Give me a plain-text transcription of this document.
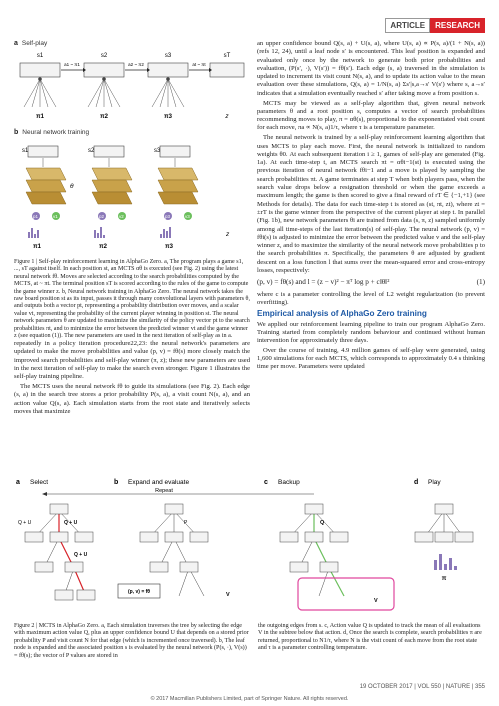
ARTICLE	RESEARCH
a Self-play
s1	s2	s3	sT
a1 ~ π1	a2 ~ π2	at ~ πt
π1	π2	π3	z
b Neural network training
s1	s2	s3
θ
p1	v1	p2	v2	p3	v3
π1	π2	π3
z
Figure 1 | Self-play reinforcement learning in AlphaGo Zero. a, The program plays a game s1, ..., sT against itself. In each position st, an MCTS αθ is executed (see Fig. 2) using the latest neural network fθ. Moves are selected according to the search probabilities computed by the MCTS, at ~ πt. The terminal position sT is scored according to the rules of the game to compute the game winner z. b, Neural network training in AlphaGo Zero. The neural network takes the raw board position st as its input, passes it through many convolutional layers with parameters θ, and outputs both a vector pt, representing a probability distribution over moves, and a scalar value vt, representing the probability of the current player winning in position st. The neural network parameters θ are updated to maximize the similarity of the policy vector pt to the search probabilities πt, and to minimize the error between the predicted winner vt and the game winner z (see equation (1)). The new parameters are used in the next iteration of self-play as in a.

repeatedly in a policy iteration procedure22,23: the neural network's parameters are updated to make the move probabilities and value (p, v) = fθ(s) more closely match the improved search probabilities and self-play winner (π, z); these new parameters are used in the next iteration of self-play to make the search even stronger. Figure 1 illustrates the self-play training pipeline.

The MCTS uses the neural network fθ to guide its simulations (see Fig. 2). Each edge (s, a) in the search tree stores a prior probability P(s, a), a visit count N(s, a), and an action value Q(s, a). Each simulation starts from the root state and iteratively selects moves that maximize

an upper confidence bound Q(s, a) + U(s, a), where U(s, a) ∝ P(s, a)/(1 + N(s, a)) (refs 12, 24), until a leaf node s′ is encountered. This leaf position is expanded and evaluated only once by the network to generate both prior probabilities and evaluation, (P(s′, ·), V(s′)) = fθ(s′). Each edge (s, a) traversed in the simulation is updated to increment its visit count N(s, a), and to update its action value to the mean evaluation over these simulations, Q(s, a) = 1/N(s, a) Σs′|s,a→s′ V(s′) where s, a→s′ indicates that a simulation eventually reached s′ after taking move a from position s.

MCTS may be viewed as a self-play algorithm that, given neural network parameters θ and a root position s, computes a vector of search probabilities recommending moves to play, π = αθ(s), proportional to the exponentiated visit count for each move, πa ∝ N(s, a)1/τ, where τ is a temperature parameter.

The neural network is trained by a self-play reinforcement learning algorithm that uses MCTS to play each move. First, the neural network is initialized to random weights θ0. At each subsequent iteration i ≥ 1, games of self-play are generated (Fig. 1a). At each time-step t, an MCTS search πt = αθi−1(st) is executed using the previous iteration of neural network fθi−1 and a move is played by sampling the search probabilities πt. A game terminates at step T when both players pass, when the search value drops below a resignation threshold or when the game exceeds a maximum length; the game is then scored to give a final reward of rT ∈ {−1,+1} (see Methods for details). The data for each time-step t is stored as (st, πt, zt), where zt = ±rT is the game winner from the perspective of the current player at step t. In parallel (Fig. 1b), new network parameters θi are trained from data (s, π, z) sampled uniformly among all time-steps of the last iteration(s) of self-play. The neural network (p, v) = fθi(s) is adjusted to minimize the error between the predicted value v and the self-play winner z, and to maximize the similarity of the neural network move probabilities p to the search probabilities π. Specifically, the parameters θ are adjusted by gradient descent on a loss function l that sums over the mean-squared error and cross-entropy losses, respectively:

(p, v) = fθ(s) and l = (z − v)² − πᵀ log p + c‖θ‖²	(1)

where c is a parameter controlling the level of L2 weight regularization (to prevent overfitting).

Empirical analysis of AlphaGo Zero training

We applied our reinforcement learning pipeline to train our program AlphaGo Zero. Training started from completely random behaviour and continued without human intervention for approximately three days.

Over the course of training, 4.9 million games of self-play were generated, using 1,600 simulations for each MCTS, which corresponds to approximately 0.4 s thinking time per move. Parameters were updated

a Select	b Expand and evaluate	c Backup	d Play
Repeat
Q + U	Q + U
Q + U
(p, v) = fθ	V
P	Q
V
π
Figure 2 | MCTS in AlphaGo Zero. a, Each simulation traverses the tree by selecting the edge with maximum action value Q, plus an upper confidence bound U that depends on a stored prior probability P and visit count N for that edge (which is incremented once traversed). b, The leaf node is expanded and the associated position s is evaluated by the neural network (P(s, ·), V(s)) = fθ(s); the vector of P values are stored in
the outgoing edges from s. c, Action value Q is updated to track the mean of all evaluations V in the subtree below that action. d, Once the search is complete, search probabilities π are returned, proportional to N1/τ, where N is the visit count of each move from the root state and τ is a parameter controlling temperature.
19 OCTOBER 2017 | VOL 550 | NATURE | 355
© 2017 Macmillan Publishers Limited, part of Springer Nature. All rights reserved.
